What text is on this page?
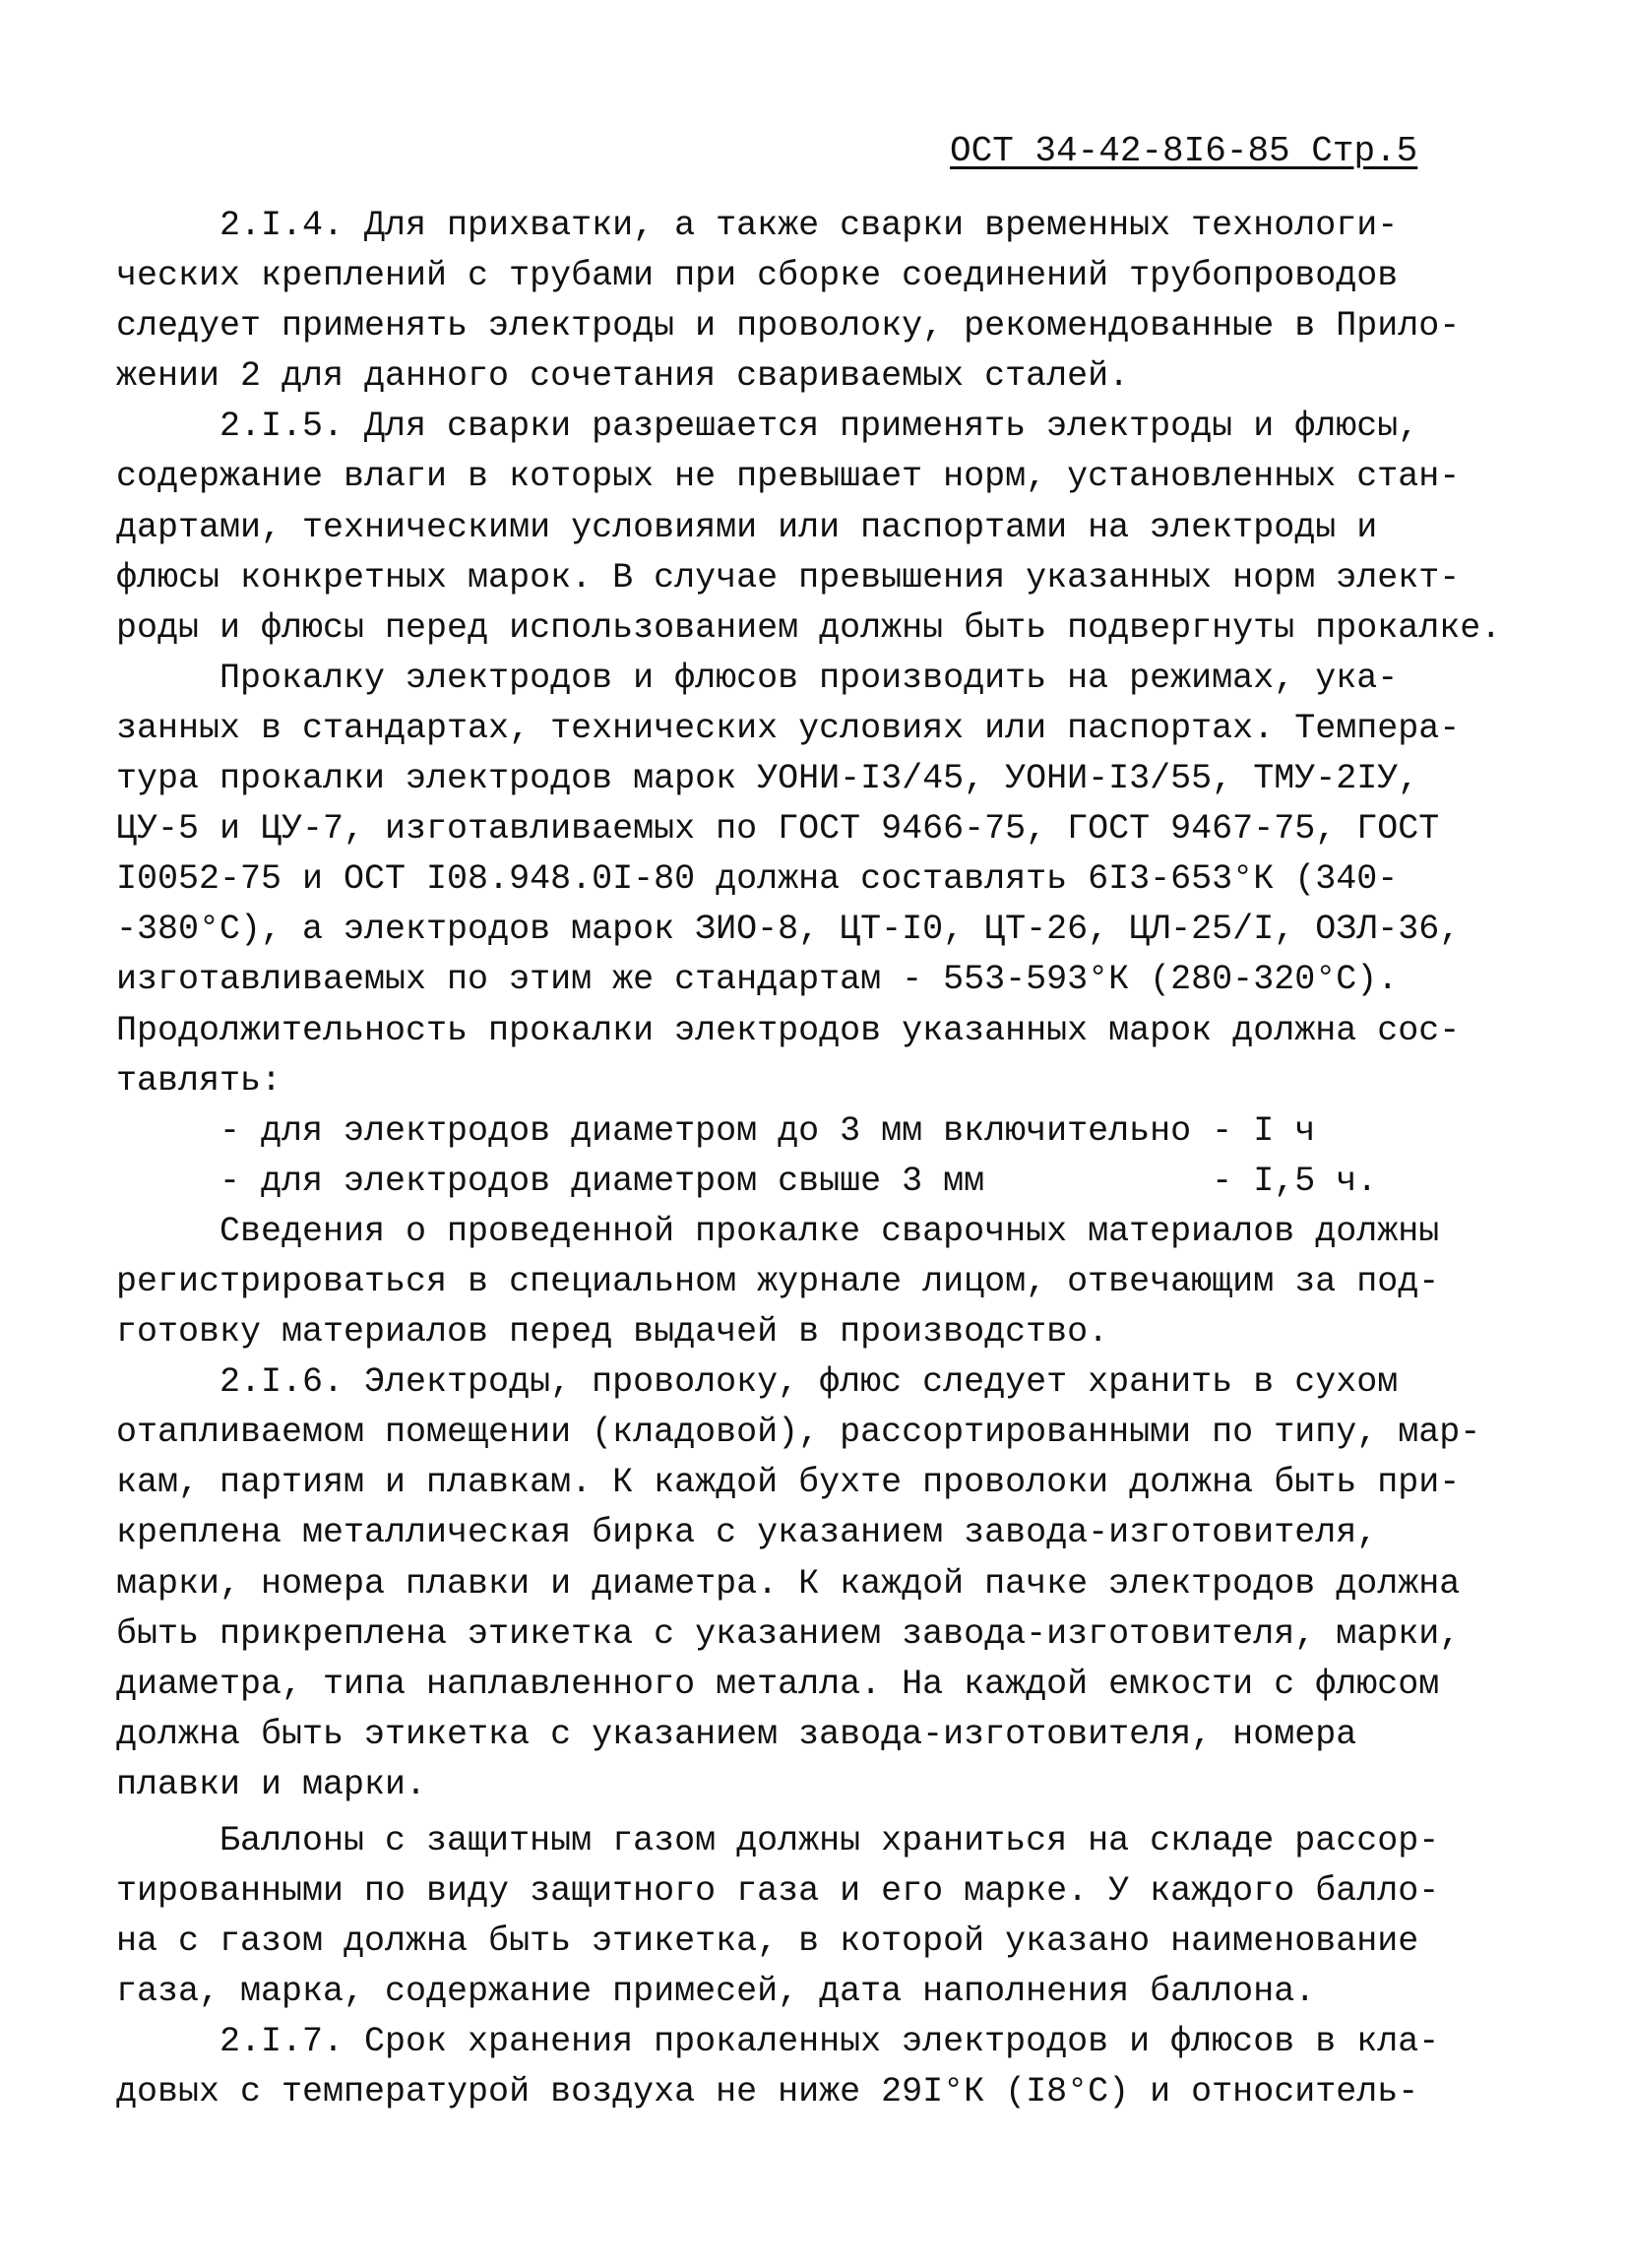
ОСТ 34-42-8I6-85 Стр.5
2.I.4. Для прихватки, а также сварки временных технологи-
ческих креплений с трубами при сборке соединений трубопроводов
следует применять электроды и проволоку, рекомендованные в Прило-
жении 2 для данного сочетания свариваемых сталей.
2.I.5. Для сварки разрешается применять электроды и флюсы,
содержание влаги в которых не превышает норм, установленных стан-
дартами, техническими условиями или паспортами на электроды и
флюсы конкретных марок. В случае превышения указанных норм элект-
роды и флюсы перед использованием должны быть подвергнуты прокалке.
Прокалку электродов и флюсов производить на режимах, ука-
занных в стандартах, технических условиях или паспортах. Темпера-
тура прокалки электродов марок УОНИ-I3/45, УОНИ-I3/55, ТМУ-2IУ,
ЦУ-5 и ЦУ-7, изготавливаемых по ГОСТ 9466-75, ГОСТ 9467-75, ГОСТ
I0052-75 и ОСТ I08.948.0I-80 должна составлять 6I3-653°К (340-
-380°С), а электродов марок ЗИО-8, ЦТ-I0, ЦТ-26, ЦЛ-25/I, ОЗЛ-36,
изготавливаемых по этим же стандартам - 553-593°К (280-320°С).
Продолжительность прокалки электродов указанных марок должна сос-
тавлять:
- для электродов диаметром до 3 мм включительно - I ч
- для электродов диаметром свыше 3 мм           - I,5 ч.
Сведения о проведенной прокалке сварочных материалов должны
регистрироваться в специальном журнале лицом, отвечающим за под-
готовку материалов перед выдачей в производство.
2.I.6. Электроды, проволоку, флюс следует хранить в сухом
отапливаемом помещении (кладовой), рассортированными по типу, мар-
кам, партиям и плавкам. К каждой бухте проволоки должна быть при-
креплена металлическая бирка с указанием завода-изготовителя,
марки, номера плавки и диаметра. К каждой пачке электродов должна
быть прикреплена этикетка с указанием завода-изготовителя, марки,
диаметра, типа наплавленного металла. На каждой емкости с флюсом
должна быть этикетка с указанием завода-изготовителя, номера
плавки и марки.
Баллоны с защитным газом должны храниться на складе рассор-
тированными по виду защитного газа и его марке. У каждого балло-
на с газом должна быть этикетка, в которой указано наименование
газа, марка, содержание примесей, дата наполнения баллона.
2.I.7. Срок хранения прокаленных электродов и флюсов в кла-
довых с температурой воздуха не ниже 29I°К (I8°С) и относитель-
